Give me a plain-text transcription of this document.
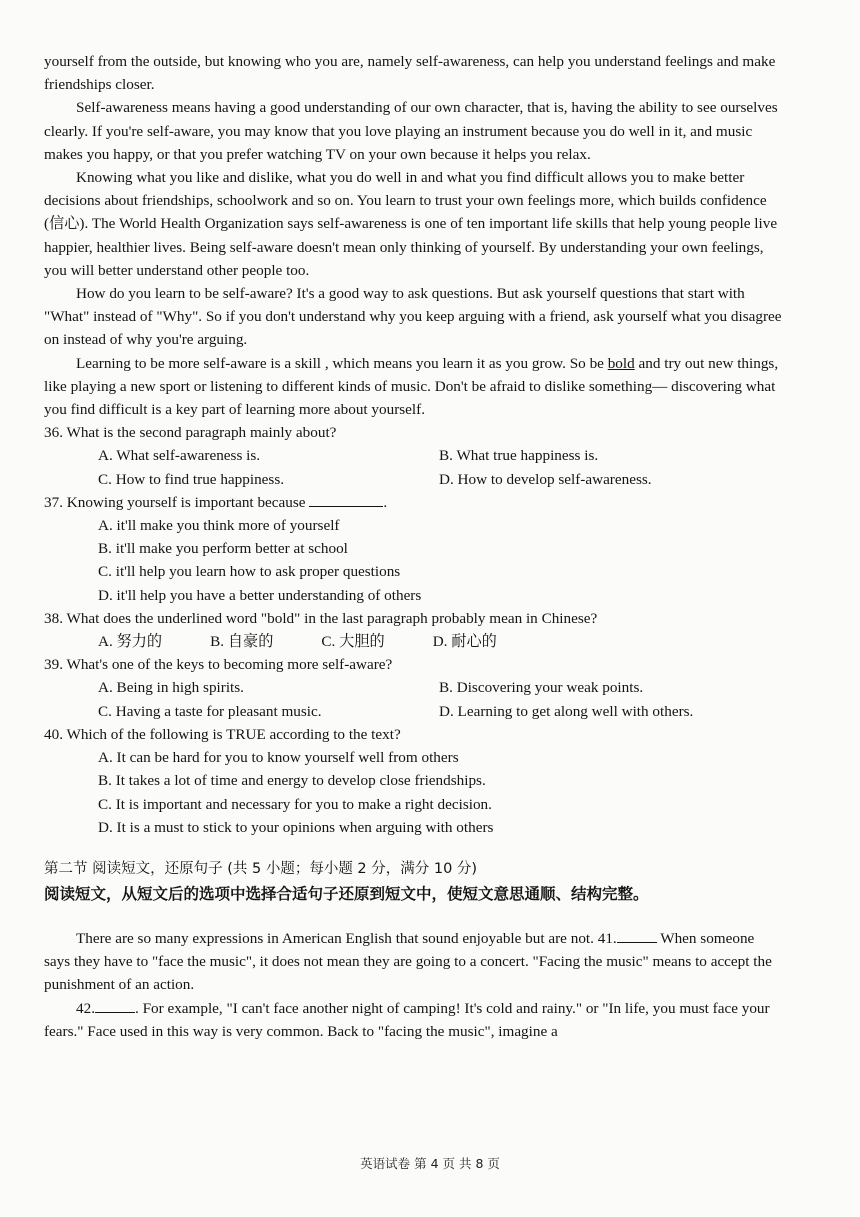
yourself from the outside, but knowing who you are, namely self-awareness, can help you understand feelings and make friendships closer.

Self-awareness means having a good understanding of our own character, that is, having the ability to see ourselves clearly. If you're self-aware, you may know that you love playing an instrument because you do well in it, and music makes you happy, or that you prefer watching TV on your own because it helps you relax.

Knowing what you like and dislike, what you do well in and what you find difficult allows you to make better decisions about friendships, schoolwork and so on. You learn to trust your own feelings more, which builds confidence (信心). The World Health Organization says self-awareness is one of ten important life skills that help young people live happier, healthier lives. Being self-aware doesn't mean only thinking of yourself. By understanding your own feelings, you will better understand other people too.

How do you learn to be self-aware? It's a good way to ask questions. But ask yourself questions that start with "What" instead of "Why". So if you don't understand why you keep arguing with a friend, ask yourself what you disagree on instead of why you're arguing.

Learning to be more self-aware is a skill , which means you learn it as you grow. So be bold and try out new things, like playing a new sport or listening to different kinds of music. Don't be afraid to dislike something— discovering what you find difficult is a key part of learning more about yourself.

36. What is the second paragraph mainly about?
A. What self-awareness is.	B. What true happiness is.
C. How to find true happiness.	D. How to develop self-awareness.
37. Knowing yourself is important because	.
A. it'll make you think more of yourself
B. it'll make you perform better at school
C. it'll help you learn how to ask proper questions
D. it'll help you have a better understanding of others
38. What does the underlined word "bold" in the last paragraph probably mean in Chinese?
A. 努力的	B. 自豪的	C. 大胆的	D. 耐心的
39. What's one of the keys to becoming more self-aware?
A. Being in high spirits.	B. Discovering your weak points.
C. Having a taste for pleasant music.	D. Learning to get along well with others.
40. Which of the following is TRUE according to the text?
A. It can be hard for you to know yourself well from others
B. It takes a lot of time and energy to develop close friendships.
C. It is important and necessary for you to make a right decision.
D. It is a must to stick to your opinions when arguing with others
第二节 阅读短文，还原句子 (共 5 小题；每小题 2 分，满分 10 分)
阅读短文，从短文后的选项中选择合适句子还原到短文中，使短文意思通顺、结构完整。

There are so many expressions in American English that sound enjoyable but are not. 41.	When someone says they have to "face the music", it does not mean they are going to a concert. "Facing the music" means to accept the punishment of an action.

42.	. For example, "I can't face another night of camping! It's cold and rainy." or "In life, you must face your fears." Face used in this way is very common. Back to "facing the music", imagine a

英语试卷 第 4 页 共 8 页
